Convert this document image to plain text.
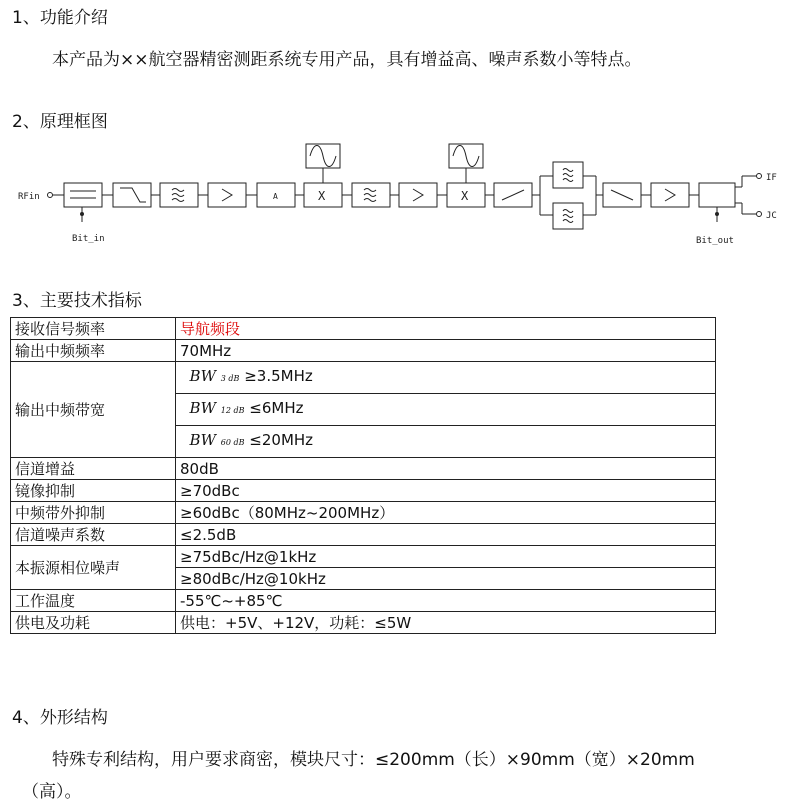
1、功能介绍
本产品为××航空器精密测距系统专用产品，具有增益高、噪声系数小等特点。
2、原理框图
RFin
Bit_in
A	X	X
Bit_out
IF
JC
3、主要技术指标
接收信号频率	导航频段
输出中频频率	70MHz
输出中频带宽	BW 3 dB ≥3.5MHz
	BW 12 dB ≤6MHz
	BW 60 dB ≤20MHz
信道增益	80dB
镜像抑制	≥70dBc
中频带外抑制	≥60dBc（80MHz~200MHz）
信道噪声系数	≤2.5dB
本振源相位噪声	≥75dBc/Hz@1kHz
	≥80dBc/Hz@10kHz
工作温度	-55℃~+85℃
供电及功耗	供电：+5V、+12V，功耗：≤5W
4、外形结构
特殊专利结构，用户要求商密，模块尺寸：≤200mm（长）×90mm（宽）×20mm
（高）。
